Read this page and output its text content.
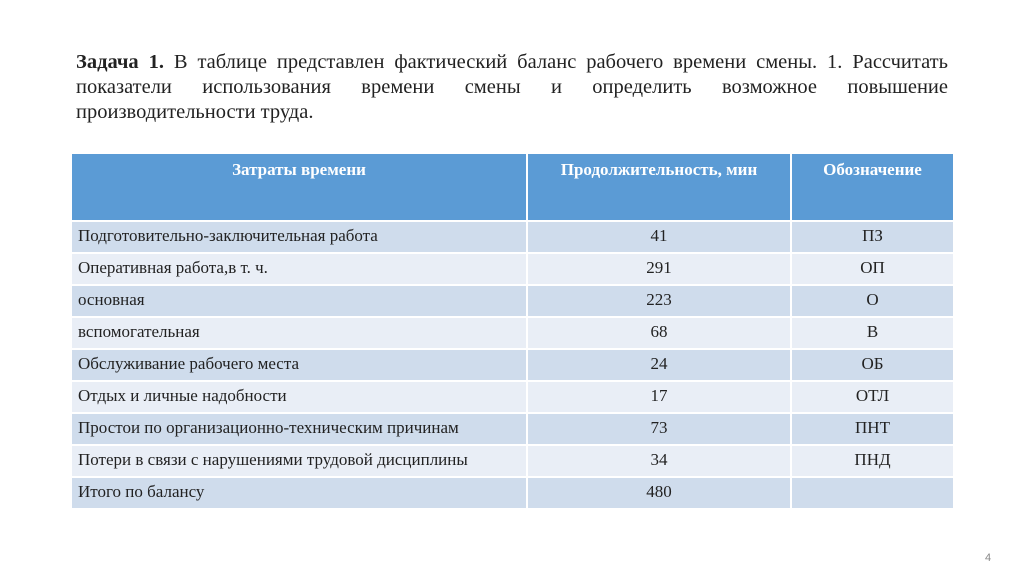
Задача 1. В таблице представлен фактический баланс рабочего времени смены. 1. Рассчитать показатели использования времени смены и определить возможное повышение производительности труда.
Затраты времени	Продолжительность, мин	Обозначение
Подготовительно-заключительная работа	41	ПЗ
Оперативная работа,в т. ч.	291	ОП
основная	223	О
вспомогательная	68	В
Обслуживание рабочего места	24	ОБ
Отдых и личные надобности	17	ОТЛ
Простои по организационно-техническим причинам	73	ПНТ
Потери в связи с нарушениями трудовой дисциплины	34	ПНД
Итого по балансу	480	
4
